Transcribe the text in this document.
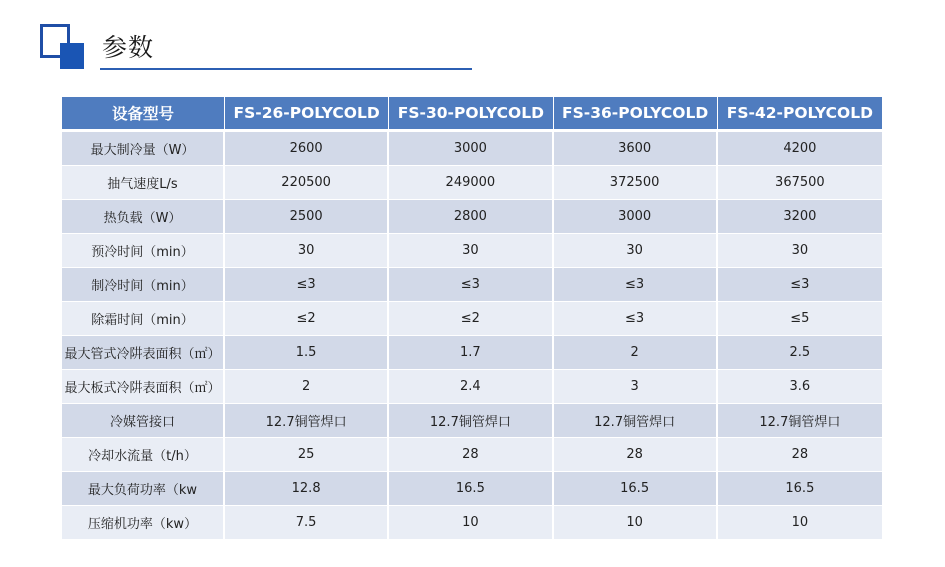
参数
设备型号	FS-26-POLYCOLD	FS-30-POLYCOLD	FS-36-POLYCOLD	FS-42-POLYCOLD
最大制冷量（W）	2600	3000	3600	4200
抽气速度L/s	220500	249000	372500	367500
热负载（W）	2500	2800	3000	3200
预冷时间（min）	30	30	30	30
制冷时间（min）	≤3	≤3	≤3	≤3
除霜时间（min）	≤2	≤2	≤3	≤5
最大管式冷阱表面积（㎡）	1.5	1.7	2	2.5
最大板式冷阱表面积（㎡）	2	2.4	3	3.6
冷媒管接口	12.7铜管焊口	12.7铜管焊口	12.7铜管焊口	12.7铜管焊口
冷却水流量（t/h）	25	28	28	28
最大负荷功率（kw	12.8	16.5	16.5	16.5
压缩机功率（kw）	7.5	10	10	10
